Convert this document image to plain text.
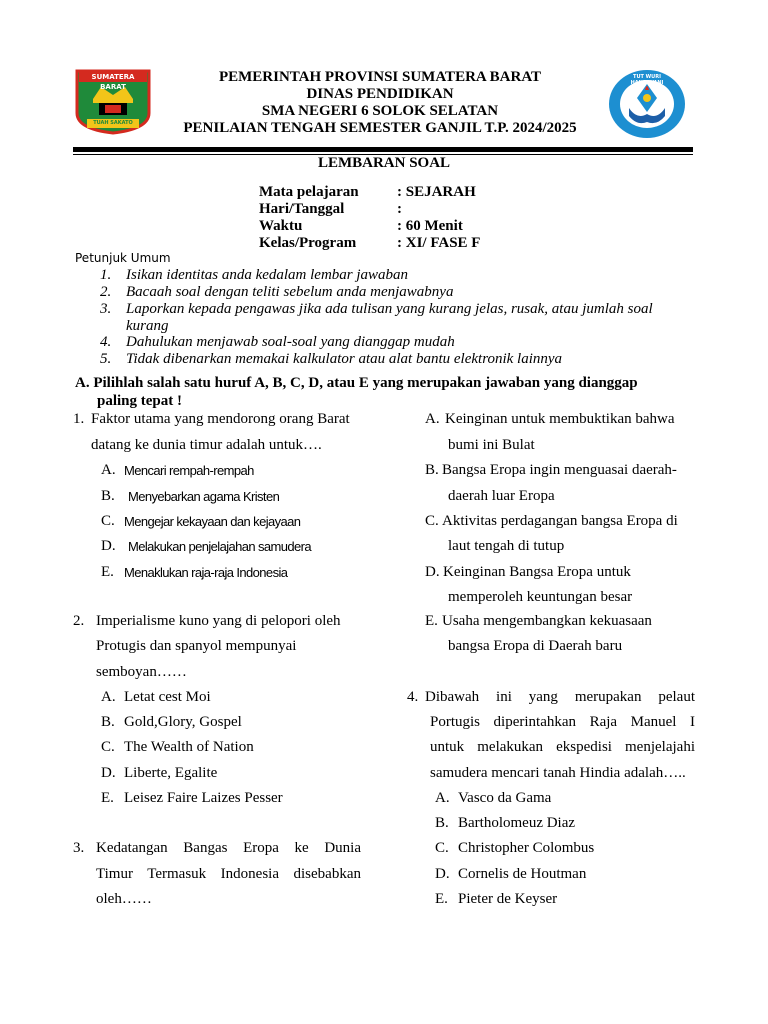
SUMATERA BARAT
TUAH SAKATO
TUT WURI HANDAYANI
PEMERINTAH PROVINSI SUMATERA BARAT
DINAS PENDIDIKAN
SMA NEGERI 6 SOLOK SELATAN
PENILAIAN TENGAH SEMESTER GANJIL T.P. 2024/2025
LEMBARAN SOAL
Mata pelajaran	: SEJARAH
Hari/Tanggal	:
Waktu	: 60 Menit
Kelas/Program	: XI/ FASE F
Petunjuk Umum
1. Isikan identitas anda kedalam lembar jawaban
2. Bacaah soal dengan teliti sebelum anda menjawabnya
3. Laporkan kepada pengawas jika ada tulisan yang kurang jelas, rusak, atau jumlah soal
kurang
4. Dahulukan menjawab soal-soal yang dianggap mudah
5. Tidak dibenarkan memakai kalkulator atau alat bantu elektronik lainnya
A. Pilihlah salah satu huruf A, B, C, D, atau E yang merupakan jawaban yang dianggap
paling tepat !
1. Faktor utama yang mendorong orang Barat
datang ke dunia timur adalah untuk….
A. Mencari rempah-rempah
B. Menyebarkan agama Kristen
C. Mengejar kekayaan dan kejayaan
D. Melakukan penjelajahan samudera
E. Menaklukan raja-raja Indonesia
2. Imperialisme kuno yang di pelopori oleh
Protugis dan spanyol mempunyai
semboyan……
A. Letat cest Moi
B. Gold,Glory, Gospel
C. The Wealth of Nation
D. Liberte, Egalite
E. Leisez Faire Laizes Pesser
3. Kedatangan Bangas Eropa ke Dunia
Timur Termasuk Indonesia disebabkan
oleh……
A. Keinginan untuk membuktikan bahwa
bumi ini Bulat
B. Bangsa Eropa ingin menguasai daerah-
daerah luar Eropa
C. Aktivitas perdagangan bangsa Eropa di
laut tengah di tutup
D. Keinginan Bangsa Eropa untuk
memperoleh keuntungan besar
E. Usaha mengembangkan kekuasaan
bangsa Eropa di Daerah baru
4. Dibawah ini yang merupakan pelaut
Portugis diperintahkan Raja Manuel I
untuk melakukan ekspedisi menjelajahi
samudera mencari tanah Hindia adalah…..
A. Vasco da Gama
B. Bartholomeuz Diaz
C. Christopher Colombus
D. Cornelis de Houtman
E. Pieter de Keyser
